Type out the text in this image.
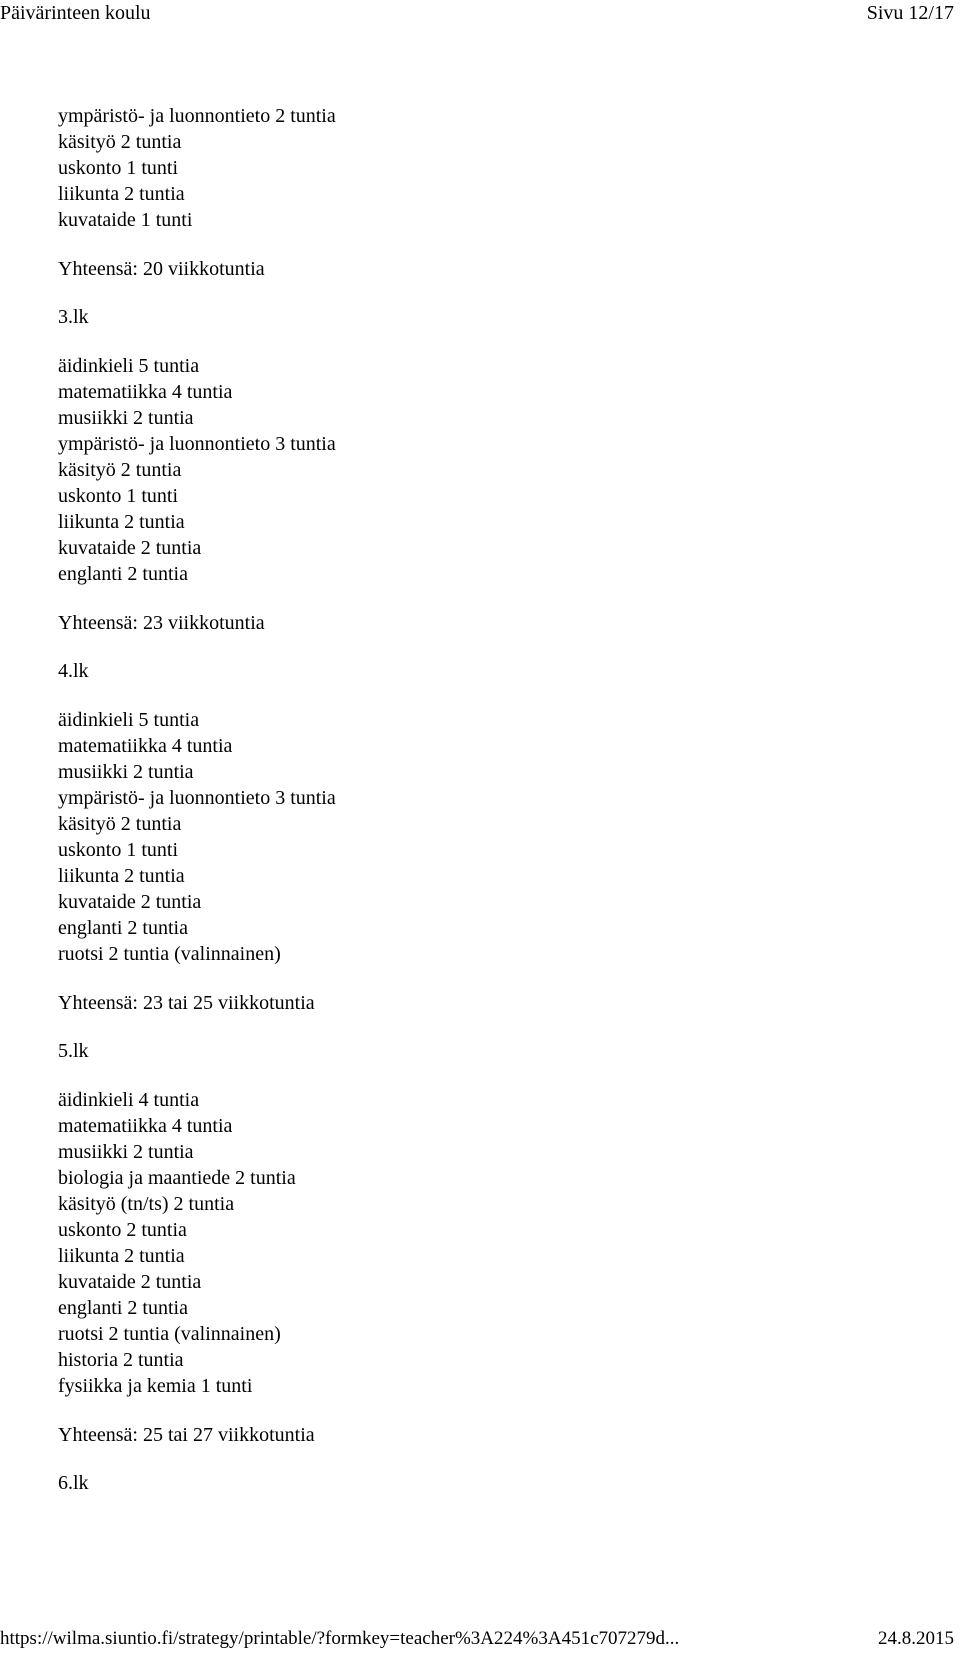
Päivärinteen koulu	Sivu 12/17
ympäristö- ja luonnontieto 2 tuntia
käsityö 2 tuntia
uskonto 1 tunti
liikunta 2 tuntia
kuvataide 1 tunti
Yhteensä: 20 viikkotuntia
3.lk
äidinkieli 5 tuntia
matematiikka 4 tuntia
musiikki 2 tuntia
ympäristö- ja luonnontieto 3 tuntia
käsityö 2 tuntia
uskonto 1 tunti
liikunta 2 tuntia
kuvataide 2 tuntia
englanti 2 tuntia
Yhteensä: 23 viikkotuntia
4.lk
äidinkieli 5 tuntia
matematiikka 4 tuntia
musiikki 2 tuntia
ympäristö- ja luonnontieto 3 tuntia
käsityö 2 tuntia
uskonto 1 tunti
liikunta 2 tuntia
kuvataide 2 tuntia
englanti 2 tuntia
ruotsi 2 tuntia (valinnainen)
Yhteensä: 23 tai 25 viikkotuntia
5.lk
äidinkieli 4 tuntia
matematiikka 4 tuntia
musiikki 2 tuntia
biologia ja maantiede 2 tuntia
käsityö (tn/ts) 2 tuntia
uskonto 2 tuntia
liikunta 2 tuntia
kuvataide 2 tuntia
englanti 2 tuntia
ruotsi 2 tuntia (valinnainen)
historia 2 tuntia
fysiikka ja kemia 1 tunti
Yhteensä: 25 tai 27 viikkotuntia
6.lk
https://wilma.siuntio.fi/strategy/printable/?formkey=teacher%3A224%3A451c707279d...	24.8.2015
